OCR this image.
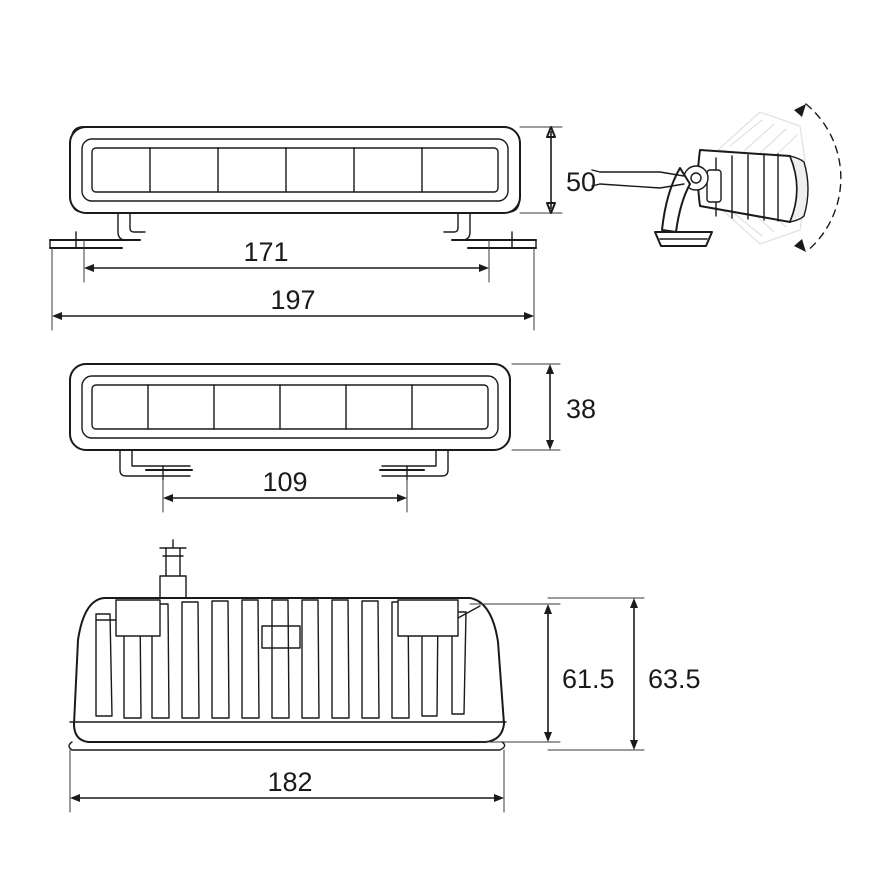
50
171
197
38
109
61.5 63.5
182
